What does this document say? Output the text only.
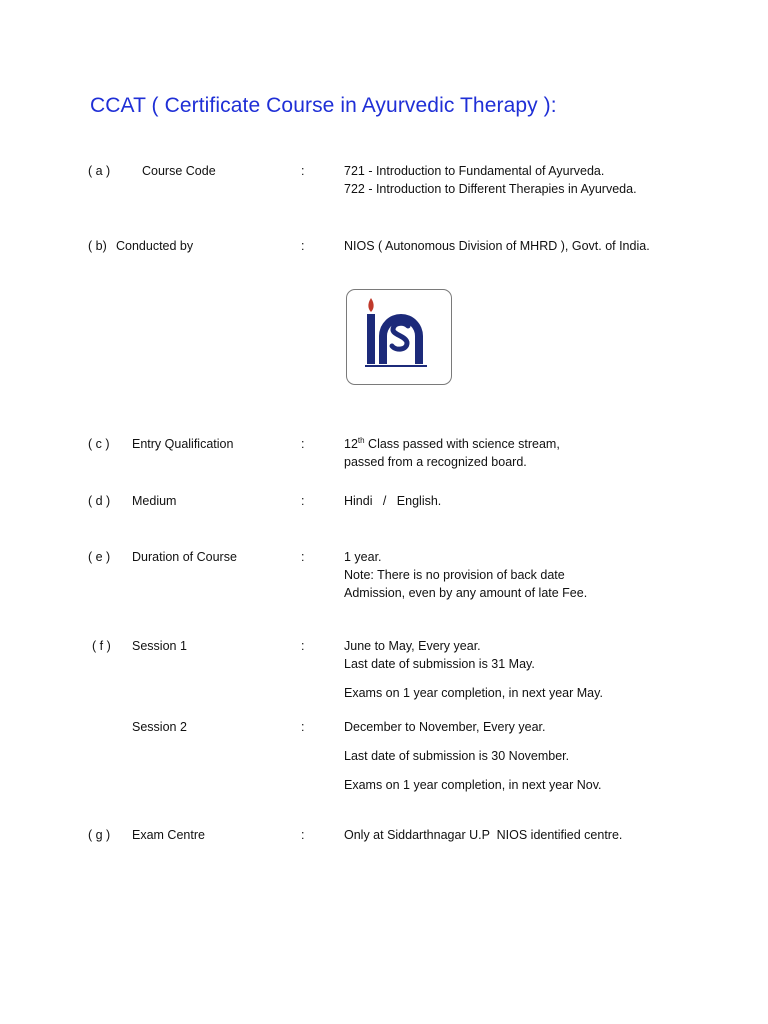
CCAT ( Certificate Course in Ayurvedic Therapy ):
( a )	Course Code	:	721 - Introduction to Fundamental of Ayurveda.
722 - Introduction to Different Therapies in Ayurveda.
( b) Conducted by	:	NIOS ( Autonomous Division of MHRD ), Govt. of India.
( c ) Entry Qualification	:	12th Class passed with science stream,
passed from a recognized board.
( d ) Medium	:	Hindi   /   English.
( e ) Duration of Course	:	1 year.
Note: There is no provision of back date
Admission, even by any amount of late Fee.
( f ) Session 1	:	June to May, Every year.
Last date of submission is 31 May.
Exams on 1 year completion, in next year May.
Session 2	:	December to November, Every year.
Last date of submission is 30 November.
Exams on 1 year completion, in next year Nov.
( g ) Exam Centre	:	Only at Siddarthnagar U.P  NIOS identified centre.
